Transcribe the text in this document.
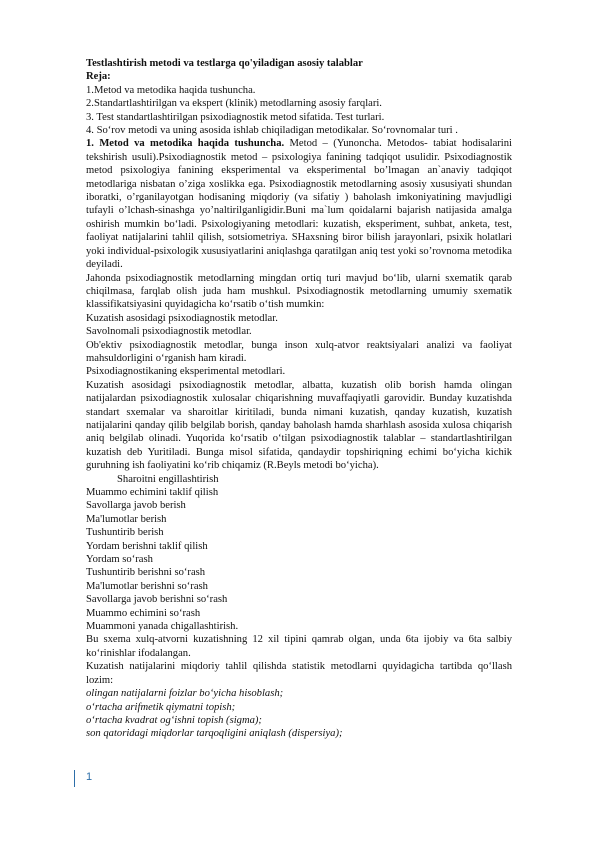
Testlashtirish metodi va testlarga qo'yiladigan asosiy talablar

Reja:

1.Metod va metodika haqida tushuncha.

2.Standartlashtirilgan va ekspert (klinik) metodlarning asosiy farqlari.

3. Test standartlashtirilgan psixodiagnostik metod sifatida. Test turlari.

4. So‘rov metodi va uning asosida ishlab chiqiladigan metodikalar. So‘rovnomalar turi .

1. Metod va metodika haqida tushuncha. Metod – (Yunoncha. Metodos- tabiat hodisalarini tekshirish usuli).Psixodiagnostik metod – psixologiya fanining tadqiqot usulidir. Psixodiagnostik metod psixologiya fanining eksperimental va eksperimental bo’lmagan an`anaviy tadqiqot metodlariga nisbatan o’ziga xoslikka ega. Psixodiagnostik metodlarning asosiy xususiyati shundan iboratki, o’rganilayotgan hodisaning miqdoriy (va sifatiy ) baholash imkoniyatining mavjudligi tufayli o’lchash-sinashga yo’naltirilganligidir.Buni ma`lum qoidalarni bajarish natijasida amalga oshirish mumkin bo‘ladi. Psixologiyaning metodlari: kuzatish, eksperiment, suhbat, anketa, test, faoliyat natijalarini tahlil qilish, sotsiometriya. SHaxsning biror bilish jarayonlari, psixik holatlari yoki individual-psixologik xususiyatlarini aniqlashga qaratilgan aniq test yoki so’rovnoma metodika deyiladi.

Jahonda psixodiagnostik metodlarning mingdan ortiq turi mavjud bo‘lib, ularni sxematik qarab chiqilmasa, farqlab olish juda ham mushkul. Psixodiagnostik metodlarning umumiy sxematik klassifikatsiyasini quyidagicha ko‘rsatib o‘tish mumkin:

Kuzatish asosidagi psixodiagnostik metodlar.

Savolnomali psixodiagnostik metodlar.

Ob'ektiv psixodiagnostik metodlar, bunga inson xulq-atvor reaktsiyalari analizi va faoliyat mahsuldorligini o‘rganish ham kiradi.

Psixodiagnostikaning eksperimental metodlari.

Kuzatish asosidagi psixodiagnostik metodlar, albatta, kuzatish olib borish hamda olingan natijalardan psixodiagnostik xulosalar chiqarishning muvaffaqiyatli garovidir. Bunday kuzatishda standart sxemalar va sharoitlar kiritiladi, bunda nimani kuzatish, qanday kuzatish, kuzatish natijalarini qanday qilib belgilab borish, qanday baholash hamda sharhlash asosida xulosa chiqarish aniq belgilab olinadi. Yuqorida ko‘rsatib o‘tilgan psixodiagnostik talablar – standartlashtirilgan kuzatish deb Yuritiladi. Bunga misol sifatida, qandaydir topshiriqning echimi bo‘yicha kichik guruhning ish faoliyatini ko‘rib chiqamiz (R.Beyls metodi bo‘yicha).

Sharoitni engillashtirish

Muammo echimini taklif qilish

Savollarga javob berish

Ma'lumotlar berish

Tushuntirib berish

Yordam berishni taklif qilish

Yordam so‘rash

Tushuntirib berishni so‘rash

Ma'lumotlar berishni so‘rash

Savollarga javob berishni so‘rash

Muammo echimini so‘rash

Muammoni yanada chigallashtirish.

Bu sxema xulq-atvorni kuzatishning 12 xil tipini qamrab olgan, unda 6ta ijobiy va 6ta salbiy ko‘rinishlar ifodalangan.

Kuzatish natijalarini miqdoriy tahlil qilishda statistik metodlarni quyidagicha tartibda qo‘llash lozim:

olingan natijalarni foizlar bo‘yicha hisoblash;

o‘rtacha arifmetik qiymatni topish;

o‘rtacha kvadrat og‘ishni topish (sigma);

son qatoridagi miqdorlar tarqoqligini aniqlash (dispersiya);

1
